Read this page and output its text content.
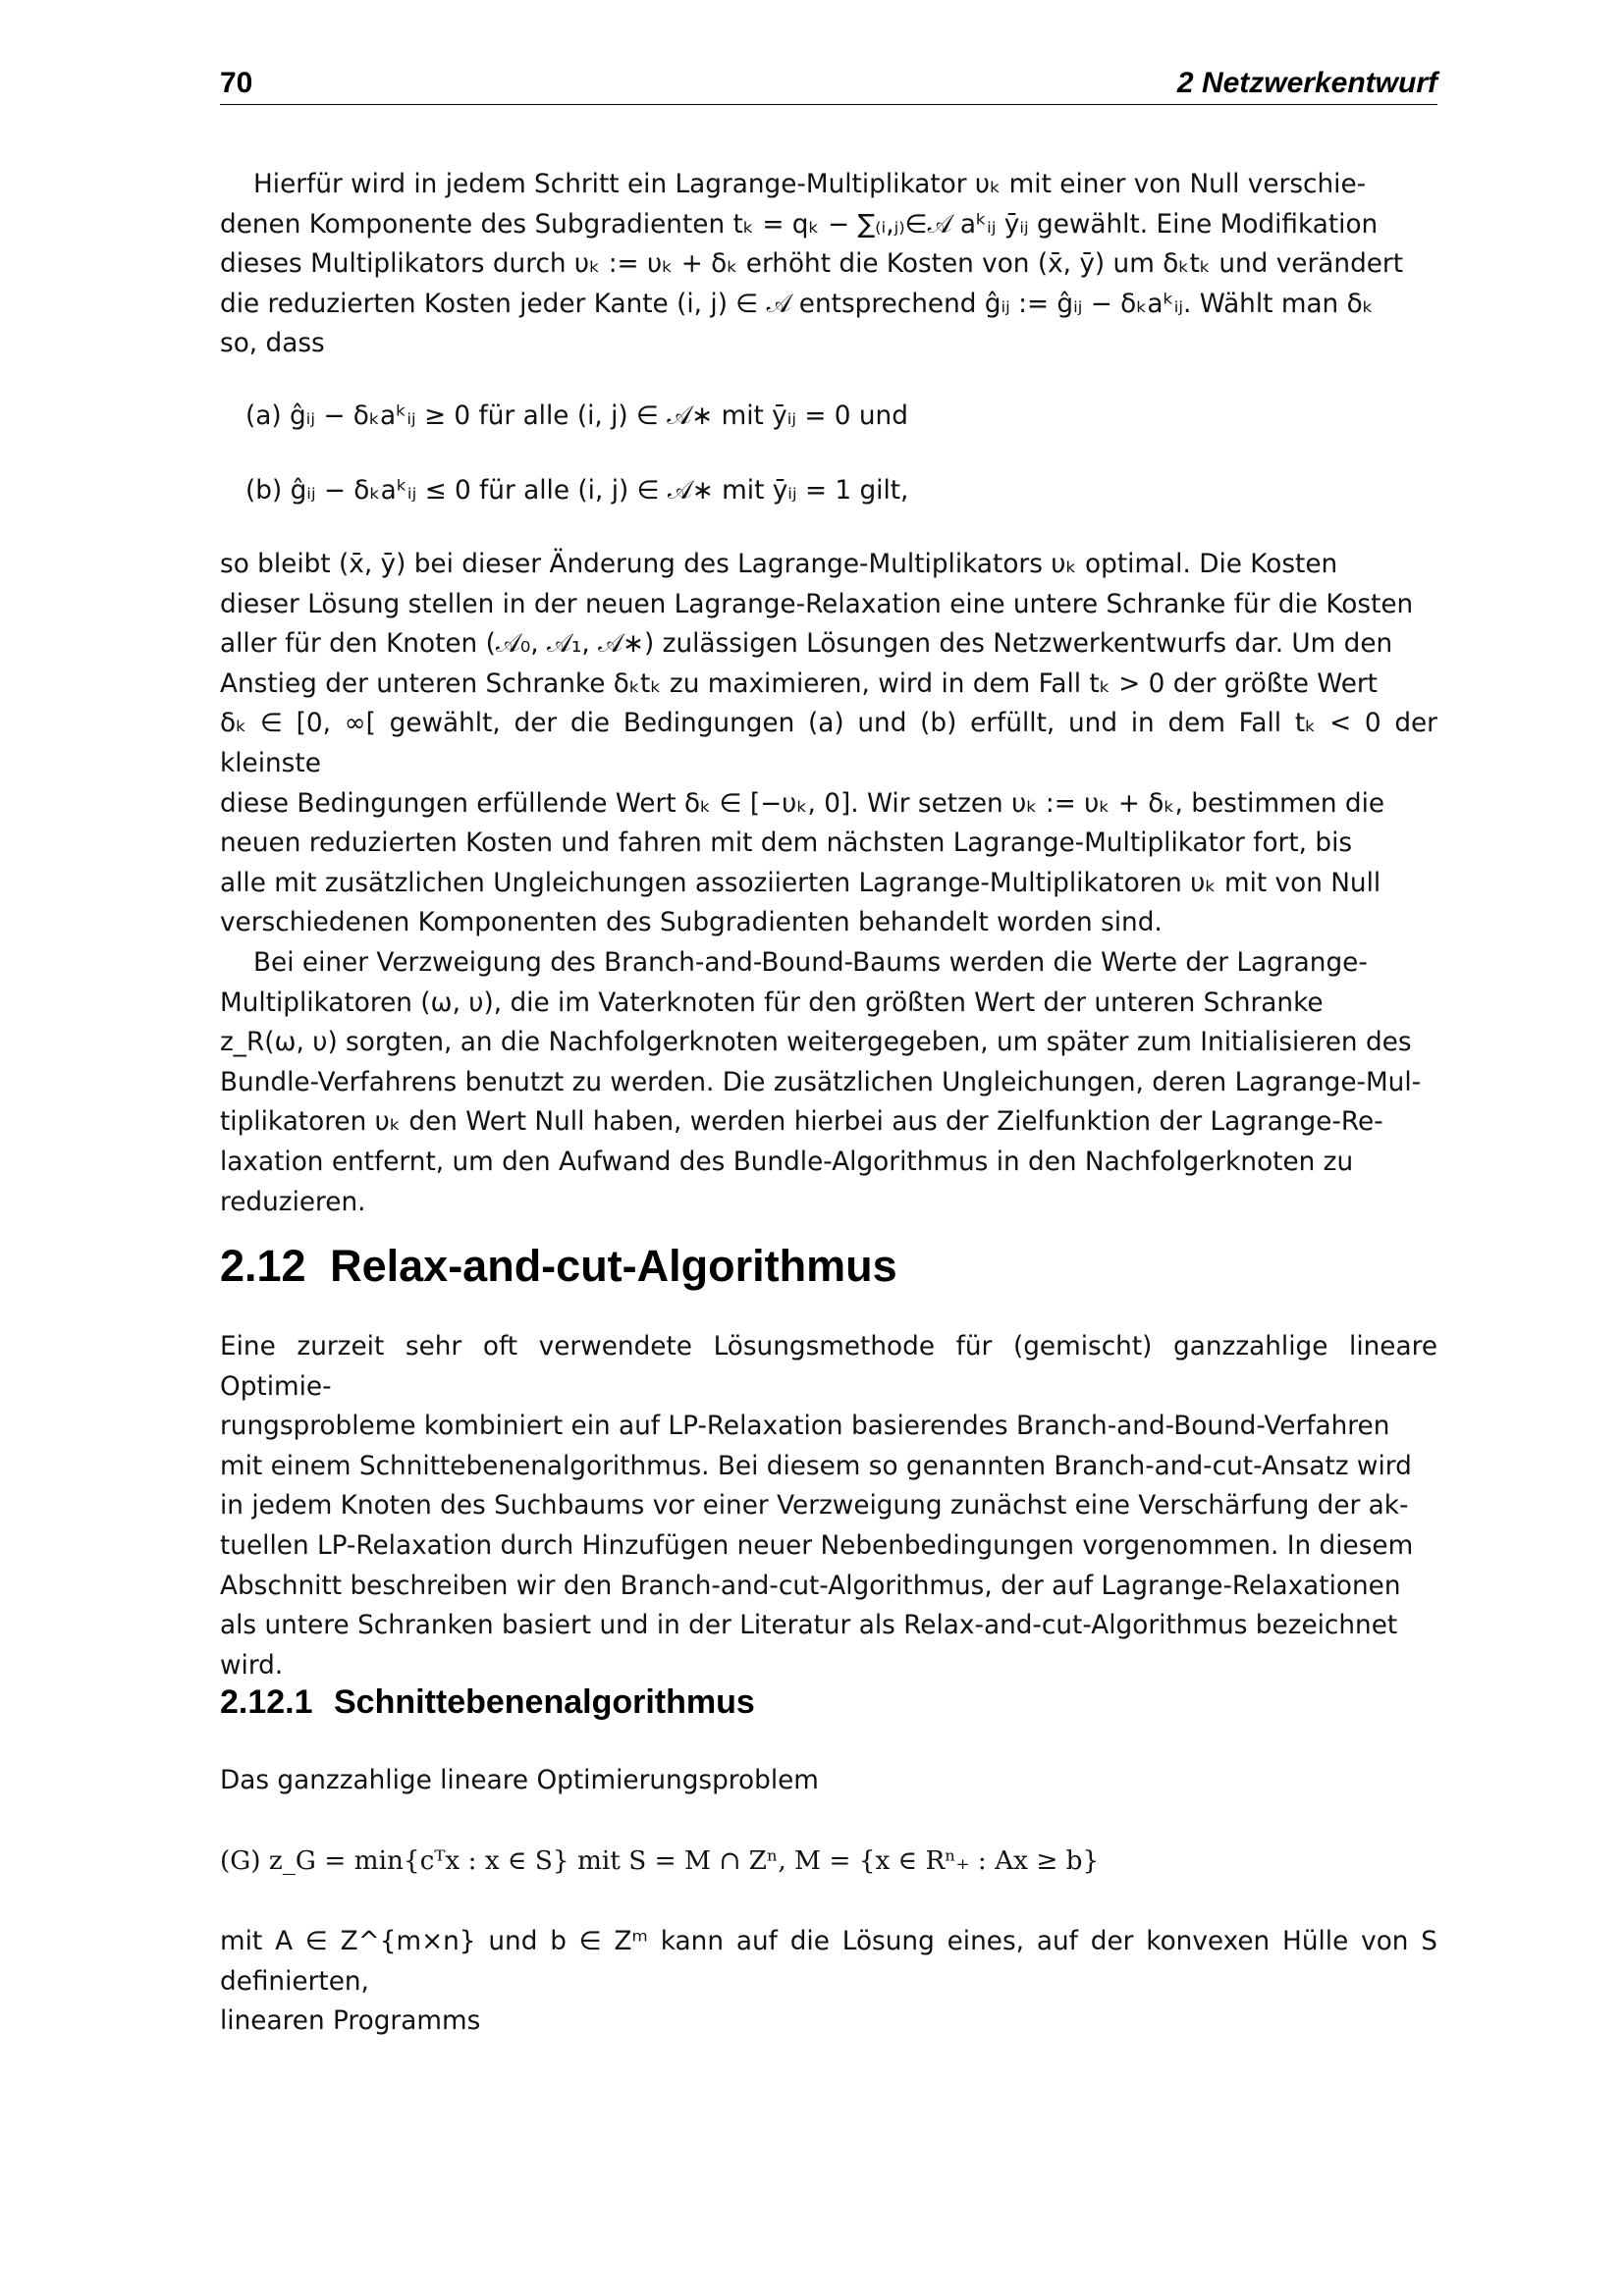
70	2 Netzwerkentwurf

Hierfür wird in jedem Schritt ein Lagrange-Multiplikator υₖ mit einer von Null verschie-

denen Komponente des Subgradienten tₖ = qₖ − ∑₍ᵢ,ⱼ₎∈𝒜 aᵏᵢⱼ ȳᵢⱼ gewählt. Eine Modifikation

dieses Multiplikators durch υₖ := υₖ + δₖ erhöht die Kosten von (x̄, ȳ) um δₖtₖ und verändert

die reduzierten Kosten jeder Kante (i, j) ∈ 𝒜 entsprechend ĝᵢⱼ := ĝᵢⱼ − δₖaᵏᵢⱼ. Wählt man δₖ

so, dass

(a) ĝᵢⱼ − δₖaᵏᵢⱼ ≥ 0 für alle (i, j) ∈ 𝒜∗ mit ȳᵢⱼ = 0 und
(b) ĝᵢⱼ − δₖaᵏᵢⱼ ≤ 0 für alle (i, j) ∈ 𝒜∗ mit ȳᵢⱼ = 1 gilt,

so bleibt (x̄, ȳ) bei dieser Änderung des Lagrange-Multiplikators υₖ optimal. Die Kosten

dieser Lösung stellen in der neuen Lagrange-Relaxation eine untere Schranke für die Kosten

aller für den Knoten (𝒜₀, 𝒜₁, 𝒜∗) zulässigen Lösungen des Netzwerkentwurfs dar. Um den

Anstieg der unteren Schranke δₖtₖ zu maximieren, wird in dem Fall tₖ > 0 der größte Wert

δₖ ∈ [0, ∞[ gewählt, der die Bedingungen (a) und (b) erfüllt, und in dem Fall tₖ < 0 der kleinste

diese Bedingungen erfüllende Wert δₖ ∈ [−υₖ, 0]. Wir setzen υₖ := υₖ + δₖ, bestimmen die

neuen reduzierten Kosten und fahren mit dem nächsten Lagrange-Multiplikator fort, bis

alle mit zusätzlichen Ungleichungen assoziierten Lagrange-Multiplikatoren υₖ mit von Null

verschiedenen Komponenten des Subgradienten behandelt worden sind.

Bei einer Verzweigung des Branch-and-Bound-Baums werden die Werte der Lagrange-

Multiplikatoren (ω, υ), die im Vaterknoten für den größten Wert der unteren Schranke

z_R(ω, υ) sorgten, an die Nachfolgerknoten weitergegeben, um später zum Initialisieren des

Bundle-Verfahrens benutzt zu werden. Die zusätzlichen Ungleichungen, deren Lagrange-Mul-

tiplikatoren υₖ den Wert Null haben, werden hierbei aus der Zielfunktion der Lagrange-Re-

laxation entfernt, um den Aufwand des Bundle-Algorithmus in den Nachfolgerknoten zu

reduzieren.

2.12 Relax-and-cut-Algorithmus

Eine zurzeit sehr oft verwendete Lösungsmethode für (gemischt) ganzzahlige lineare Optimie-

rungsprobleme kombiniert ein auf LP-Relaxation basierendes Branch-and-Bound-Verfahren

mit einem Schnittebenenalgorithmus. Bei diesem so genannten Branch-and-cut-Ansatz wird

in jedem Knoten des Suchbaums vor einer Verzweigung zunächst eine Verschärfung der ak-

tuellen LP-Relaxation durch Hinzufügen neuer Nebenbedingungen vorgenommen. In diesem

Abschnitt beschreiben wir den Branch-and-cut-Algorithmus, der auf Lagrange-Relaxationen

als untere Schranken basiert und in der Literatur als Relax-and-cut-Algorithmus bezeichnet

wird.

2.12.1 Schnittebenenalgorithmus
Das ganzzahlige lineare Optimierungsproblem
(G) z_G = min{cᵀx : x ∈ S} mit S = M ∩ Zⁿ, M = {x ∈ Rⁿ₊ : Ax ≥ b}

mit A ∈ Z^{m×n} und b ∈ Zᵐ kann auf die Lösung eines, auf der konvexen Hülle von S definierten,

linearen Programms
